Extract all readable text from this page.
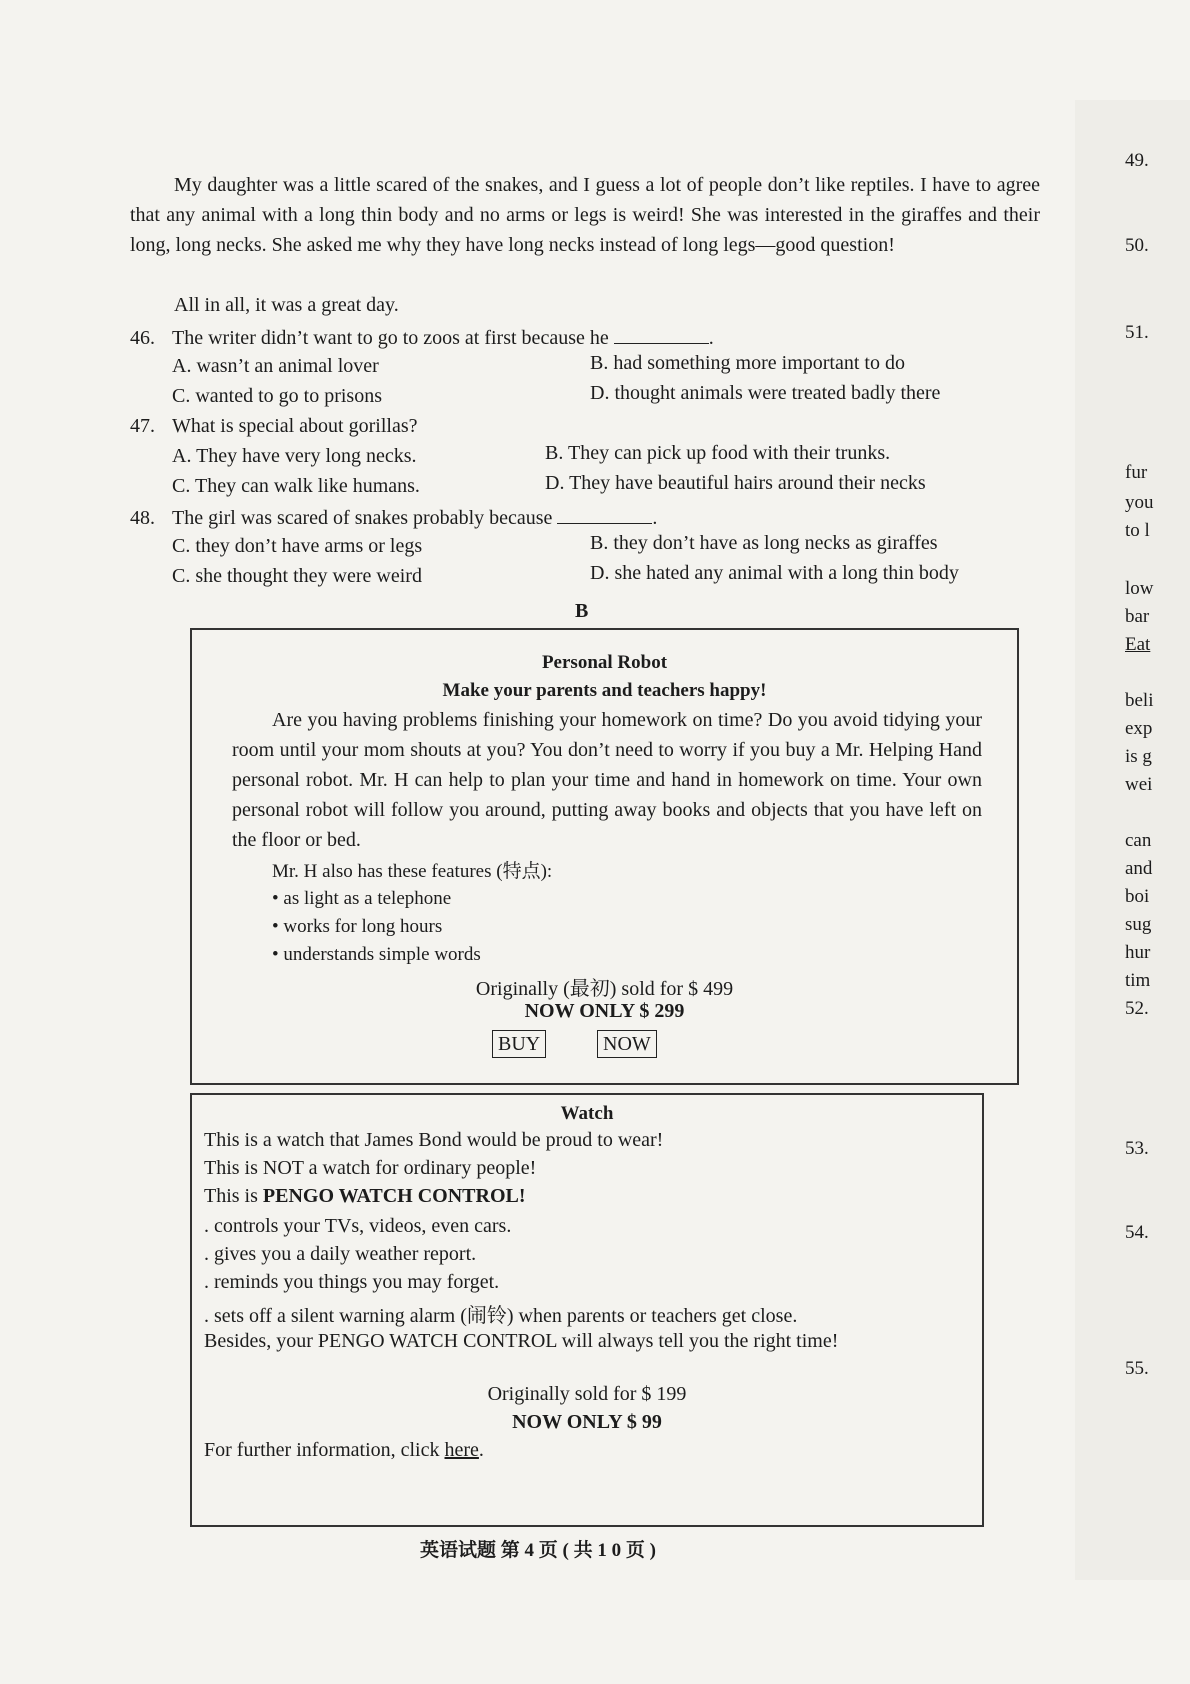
49.
50.
51.
fur
you
to l
low
bar
Eat
beli
exp
is g
wei
can
and
boi
sug
hur
tim
52.
53.
54.
55.
My daughter was a little scared of the snakes, and I guess a lot of people don’t like reptiles. I have to agree that any animal with a long thin body and no arms or legs is weird! She was interested in the giraffes and their long, long necks. She asked me why they have long necks instead of long legs—good question!
All in all, it was a great day.
46. The writer didn’t want to go to zoos at first because he	.
A. wasn’t an animal lover	B. had something more important to do
C. wanted to go to prisons	D. thought animals were treated badly there
47. What is special about gorillas?
A. They have very long necks.	B. They can pick up food with their trunks.
C. They can walk like humans.	D. They have beautiful hairs around their necks
48. The girl was scared of snakes probably because	.
C. they don’t have arms or legs	B. they don’t have as long necks as giraffes
C. she thought they were weird	D. she hated any animal with a long thin body
B
Personal Robot
Make your parents and teachers happy!
Are you having problems finishing your homework on time? Do you avoid tidying your room until your mom shouts at you? You don’t need to worry if you buy a Mr. Helping Hand personal robot. Mr. H can help to plan your time and hand in homework on time. Your own personal robot will follow you around, putting away books and objects that you have left on the floor or bed.
Mr. H also has these features (特点):
• as light as a telephone
• works for long hours
• understands simple words
Originally (最初) sold for $ 499
NOW ONLY $ 299
BUY	NOW
Watch
This is a watch that James Bond would be proud to wear!
This is NOT a watch for ordinary people!
This is PENGO WATCH CONTROL!
. controls your TVs, videos, even cars.
. gives you a daily weather report.
. reminds you things you may forget.
. sets off a silent warning alarm (闹铃) when parents or teachers get close.
Besides, your PENGO WATCH CONTROL will always tell you the right time!
Originally sold for $ 199
NOW ONLY $ 99
For further information, click here.
英语试题 第 4 页 ( 共 1 0 页 )
